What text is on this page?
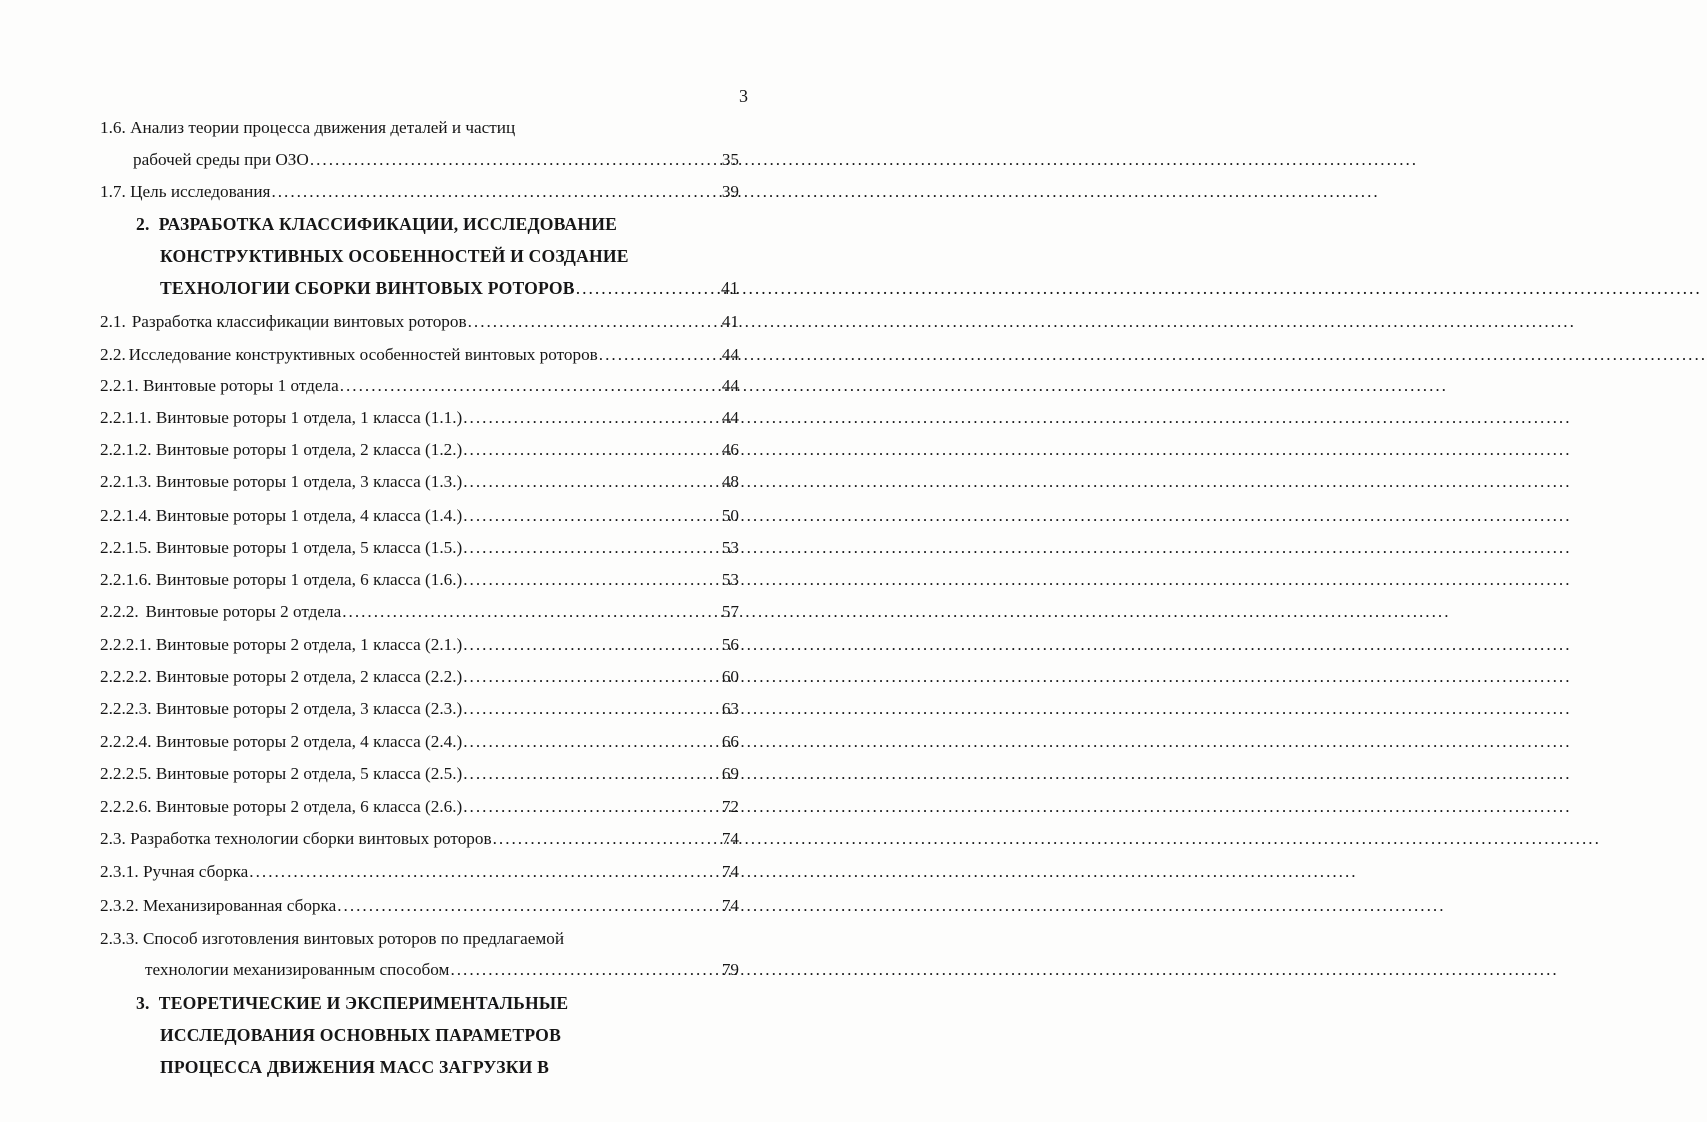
3
1.6. Анализ теории процесса движения деталей и частиц
рабочей среды при ОЗО .....	35
1.7. Цель исследования .....	39
2.  РАЗРАБОТКА КЛАССИФИКАЦИИ, ИССЛЕДОВАНИЕ
КОНСТРУКТИВНЫХ ОСОБЕННОСТЕЙ И СОЗДАНИЕ
ТЕХНОЛОГИИ СБОРКИ ВИНТОВЫХ РОТОРОВ .....	41
2.1. Разработка классификации винтовых роторов .....	41
2.2. Исследование конструктивных особенностей винтовых роторов .....	44
2.2.1. Винтовые роторы 1 отдела .....	44
2.2.1.1. Винтовые роторы 1 отдела, 1 класса (1.1.) .....	44
2.2.1.2. Винтовые роторы 1 отдела, 2 класса (1.2.) .....	46
2.2.1.3. Винтовые роторы 1 отдела, 3 класса (1.3.) .....	48
2.2.1.4. Винтовые роторы 1 отдела, 4 класса (1.4.) .....	50
2.2.1.5. Винтовые роторы 1 отдела, 5 класса (1.5.) .....	53
2.2.1.6. Винтовые роторы 1 отдела, 6 класса (1.6.) .....	53
2.2.2. Винтовые роторы 2 отдела .....	57
2.2.2.1. Винтовые роторы 2 отдела, 1 класса (2.1.) .....	56
2.2.2.2. Винтовые роторы 2 отдела, 2 класса (2.2.) .....	60
2.2.2.3. Винтовые роторы 2 отдела, 3 класса (2.3.) .....	63
2.2.2.4. Винтовые роторы 2 отдела, 4 класса (2.4.) .....	66
2.2.2.5. Винтовые роторы 2 отдела, 5 класса (2.5.) .....	69
2.2.2.6. Винтовые роторы 2 отдела, 6 класса (2.6.) .....	72
2.3. Разработка технологии сборки винтовых роторов .....	74
2.3.1. Ручная сборка .....	74
2.3.2. Механизированная сборка .....	74
2.3.3. Способ изготовления винтовых роторов по предлагаемой
технологии механизированным способом .....	79
3.  ТЕОРЕТИЧЕСКИЕ И ЭКСПЕРИМЕНТАЛЬНЫЕ
ИССЛЕДОВАНИЯ ОСНОВНЫХ ПАРАМЕТРОВ
ПРОЦЕССА ДВИЖЕНИЯ МАСС ЗАГРУЗКИ В
